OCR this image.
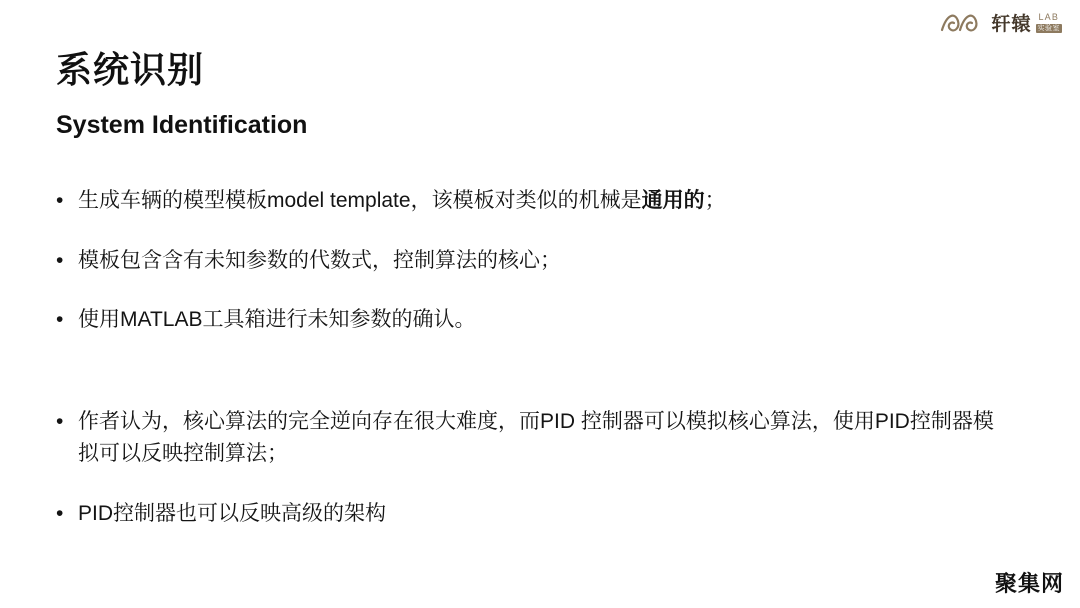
轩辕 LAB
实验室
系统识别
System Identification
• 生成车辆的模型模板model template，该模板对类似的机械是通用的；
• 模板包含含有未知参数的代数式，控制算法的核心；
• 使用MATLAB工具箱进行未知参数的确认。
• 作者认为，核心算法的完全逆向存在很大难度，而PID 控制器可以模拟核心算法，使用PID控制器模拟可以反映控制算法；
• PID控制器也可以反映高级的架构
聚集网
